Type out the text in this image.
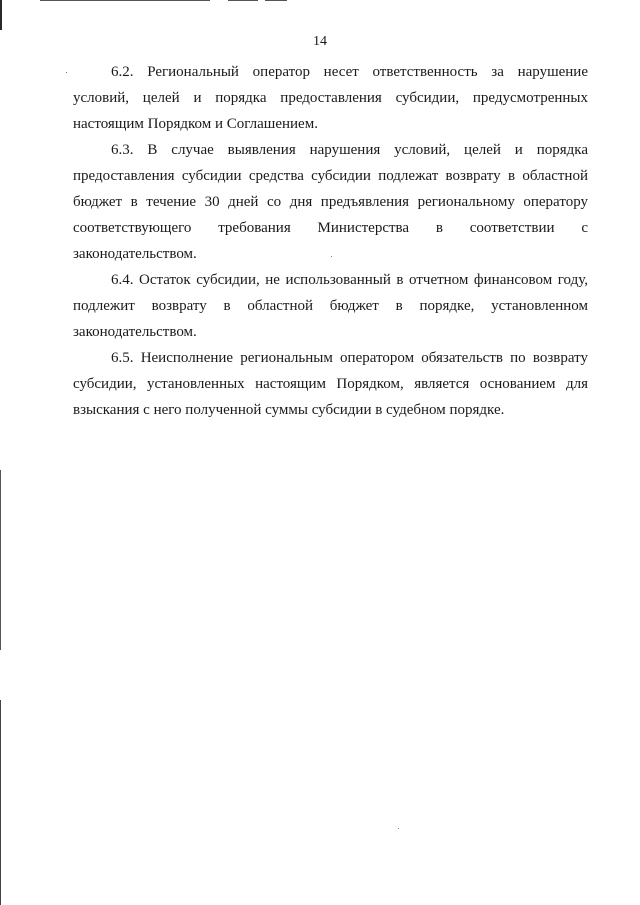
14

6.2. Региональный оператор несет ответственность за нарушение условий, целей и порядка предоставления субсидии, предусмотренных настоящим Порядком и Соглашением.

6.3. В случае выявления нарушения условий, целей и порядка предоставления субсидии средства субсидии подлежат возврату в областной бюджет в течение 30 дней со дня предъявления региональному оператору соответствующего требования Министерства в соответствии с законодательством.

6.4. Остаток субсидии, не использованный в отчетном финансовом году, подлежит возврату в областной бюджет в порядке, установленном законодательством.

6.5. Неисполнение региональным оператором обязательств по возврату субсидии, установленных настоящим Порядком, является основанием для взыскания с него полученной суммы субсидии в судебном порядке.
